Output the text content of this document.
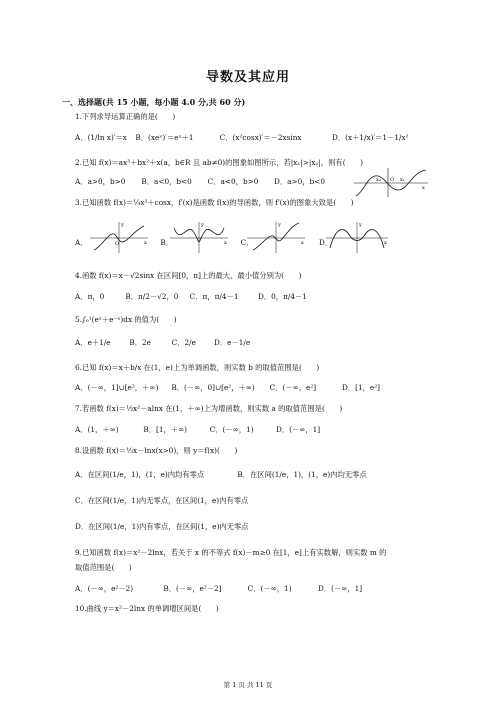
导数及其应用
一、选择题(共 15 小题，每小题 4.0 分,共 60 分)
1.下列求导运算正确的是(　　)
A．(1/ln x)′＝x B．(xeˣ)′＝eˣ＋1	C．(x²cosx)′＝－2xsinx	D．(x＋1/x)′＝1－1/x²
2.已知 f(x)＝ax³＋bx²＋x(a，b∈R 且 ab≠0)的图象如图所示，若|x₁|>|x₂|，则有(　　)
A．a>0，b>0 B．a<0，b<0 C．a<0，b>0 D．a>0，b<0	x₂ O x₁
x
3.已知函数 f(x)＝¼x²＋cosx，f′(x)是函数 f(x)的导函数，则 f′(x)的图象大致是(　　)
A．	B．	C．	D．
y
x
O
y
x
y
x
y
x
4.函数 f(x)＝x－√2sinx 在区间[0，π]上的最大、最小值分别为(　　)
A．π，0	B．π/2－√2，0 C．π，π/4－1	D．0，π/4－1
5.∫₀¹(eˣ＋e⁻ˣ)dx 的值为(　　)
A．e＋1/e	B．2e	C．2/e D．e－1/e
6.已知 f(x)＝x＋b/x 在(1，e)上为单调函数，则实数 b 的取值范围是(　　)
A．(－∞，1]∪[e²，＋∞) B．(－∞，0]∪[e²，＋∞) C．(－∞，e²]	D．[1，e²]
7.若函数 f(x)＝½x²－alnx 在(1，＋∞)上为增函数，则实数 a 的取值范围是(　　)
A．(1，＋∞)	B．[1，＋∞)	C．(－∞，1)	D．(－∞，1]
8.设函数 f(x)＝⅓x－lnx(x>0)，则 y＝f(x)(　　)
A．在区间(1/e，1)，(1，e)内均有零点	B．在区间(1/e，1)，(1，e)内均无零点
C．在区间(1/e，1)内无零点，在区间(1，e)内有零点
D．在区间(1/e，1)内有零点，在区间(1，e)内无零点
9.已知函数 f(x)＝x²－2lnx，若关于 x 的不等式 f(x)－m≥0 在[1，e]上有实数解，则实数 m 的
取值范围是(　　)
A．(－∞，e²－2)	B．(－∞，e²－2]	C．(－∞，1)	D．(－∞，1]
10.曲线 y＝x²－2lnx 的单调增区间是(　　)
第 1 页 共 11 页
